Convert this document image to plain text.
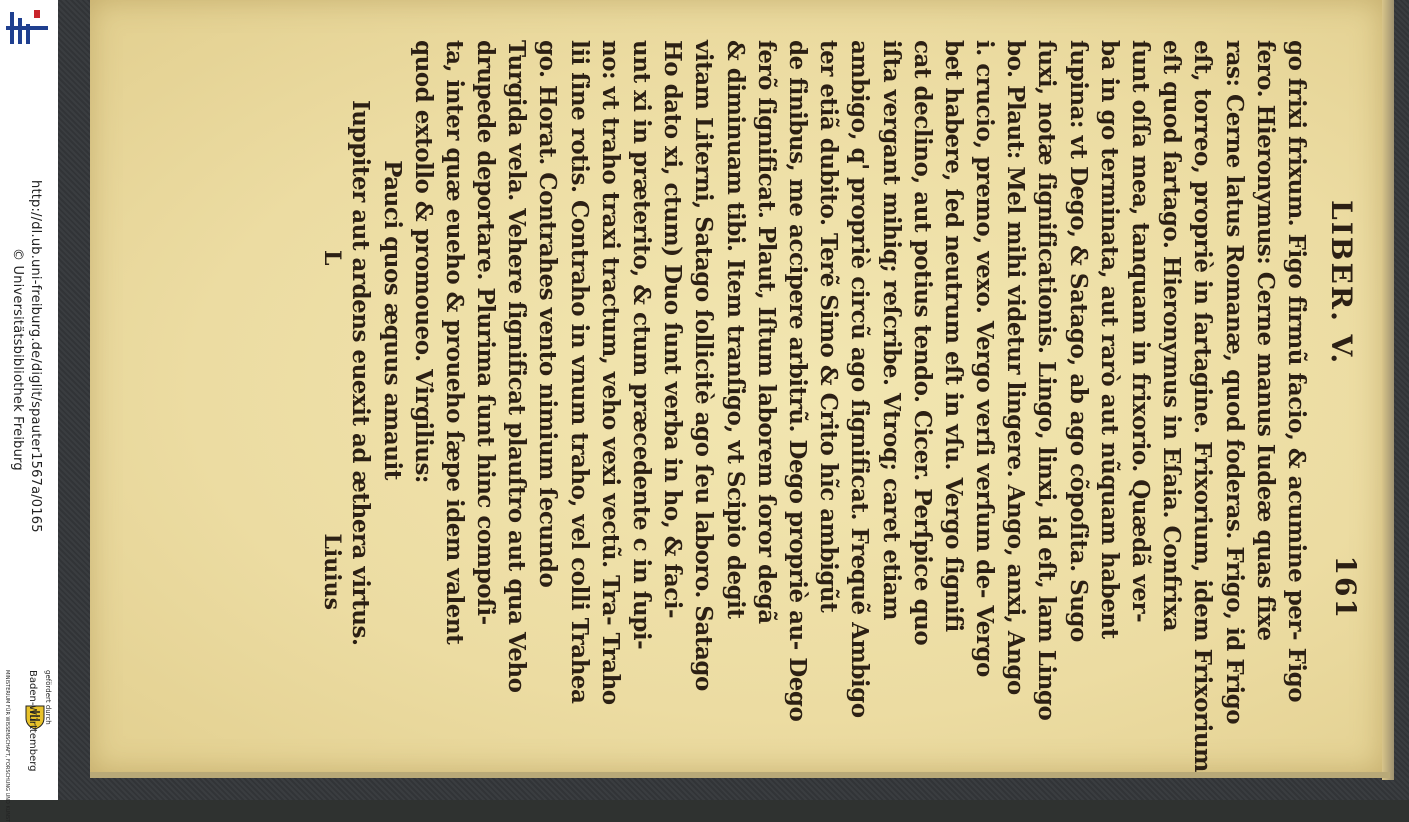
http://dl.ub.uni-freiburg.de/diglit/spauter1567a/0165
© Universitätsbibliothek Freiburg
gefördert durch
Baden-Württemberg
MINISTERIUM FÜR WISSENSCHAFT, FORSCHUNG UND KUNST
LIBER. V.
161
go frixi frixum. Figo firmũ facio, & acumine per- Figo
fero. Hieronymus: Cerne manus Iudeæ quas fixe
ras: Cerne latus Romanæ, quod foderas. Frigo, id Frigo
eſt, torreo, propriè in ſartagine. Frixorium, idem Frixorium
eſt quod ſartago. Hieronymus in Eſaia. Confrixa
ſunt oſſa mea, tanquam in frixorio. Quædã ver-
ba in go terminata, aut rarò aut nũquam habent
ſupina: vt Dego, & Satago, ab ago cõpoſita. Sugo
ſuxi, notæ ſignificationis. Lingo, linxi, id eſt, lam Lingo
bo. Plaut: Mel mihi videtur lingere. Ango, anxi, Ango
i. crucio, premo, vexo. Vergo verſi verſum de- Vergo
bet habere, ſed neutrum eſt in vſu. Vergo ſignifi
cat declino, aut potius tendo. Cicer. Perſpice quo
iſta vergant mihiq; reſcribe. Vtroq; caret etiam
ambigo, q' propriè circũ ago ſignificat. Frequẽ Ambigo
ter etiã dubito. Terẽ Simo & Crito hĩc ambigũt
de finibus, me accipere arbitrũ. Dego propriè au- Dego
ferõ ſignificat. Plaut, Iſtum laborem ſoror degã
& diminuam tibi. Item tranſigo, vt Scipio degit
vitam Literni, Satago ſollicitè ago ſeu laboro. Satago
Ho dato xi, ctum) Duo ſunt verba in ho, & faci-
unt xi in præterito, & ctum præcedente c in ſupi-
no: vt traho traxi tractum, veho vexi vectũ. Tra- Traho
lii ſine rotis. Contraho in vnum traho, vel colli Trahea
go. Horat. Contrahes vento nimium ſecundo
Turgida vela. Vehere ſignificat plauſtro aut qua Veho
drupede deportare. Plurima ſunt hinc compoſi-
ta, inter quæ eueho & proueho ſæpe idem valent
quod extollo & promoueo. Virgilius:
Pauci quos æquus amauit
Iuppiter aut ardens euexit ad æthera virtus.
L
Liuius
